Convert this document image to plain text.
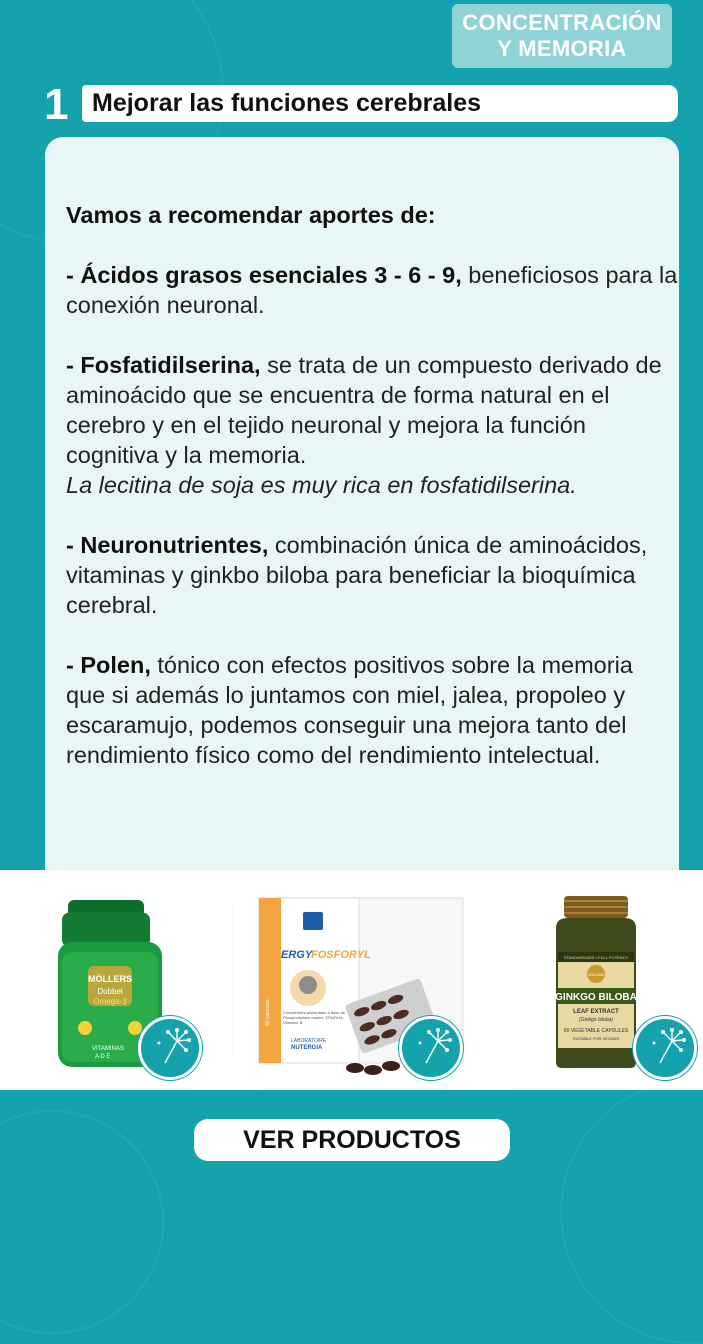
CONCENTRACIÓN
Y MEMORIA
1 Mejorar las funciones cerebrales

Vamos a recomendar aportes de:

- Ácidos grasos esenciales 3 - 6 - 9, beneficiosos para la conexión neuronal.

- Fosfatidilserina, se trata de un compuesto derivado de aminoácido que se encuentra de forma natural en el cerebro y en el tejido neuronal y mejora la función cognitiva y la memoria.
La lecitina de soja es muy rica en fosfatidilserina.

- Neuronutrientes, combinación única de aminoácidos, vitaminas y ginkbo biloba para beneficiar la bioquímica cerebral.

- Polen, tónico con efectos positivos sobre la memoria que si además lo juntamos con miel, jalea, propoleo y escaramujo, podemos conseguir una mejora tanto del rendimiento físico como del rendimiento intelectual.

MÖLLERS
Dobbel
Omega-3
VITAMINAS
A D E
ERGY
FOSFORYL
Complément alimentaire à base de Phospholipides marins, EPA/DHA, Vitamine B
LABORATOIRE
NUTERGIA
60 capsules
SOLGAR
STANDARDIZED • FULL POTENCY
GINKGO BILOBA
LEAF EXTRACT
(Ginkgo biloba)
60 VEGETABLE CAPSULES
SUITABLE FOR VEGANS
VER PRODUCTOS
